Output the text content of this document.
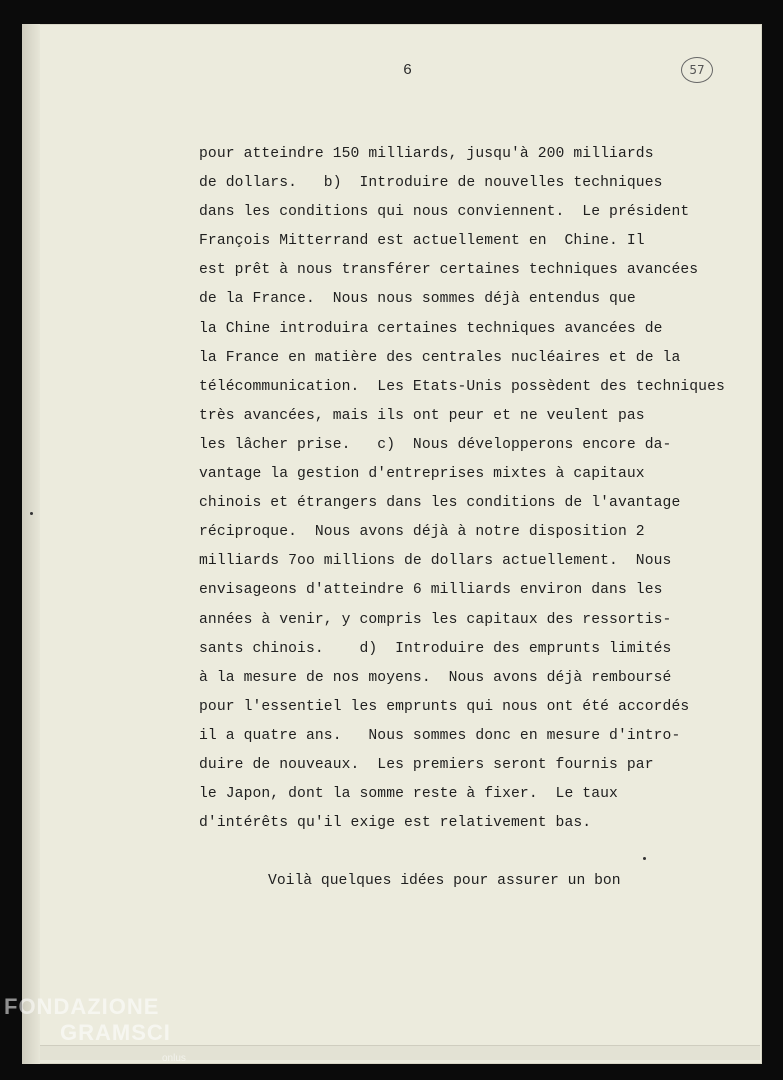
6	57
pour atteindre 150 milliards, jusqu'à 200 milliards
de dollars.   b)  Introduire de nouvelles techniques
dans les conditions qui nous conviennent.  Le président
François Mitterrand est actuellement en  Chine. Il
est prêt à nous transférer certaines techniques avancées
de la France.  Nous nous sommes déjà entendus que
la Chine introduira certaines techniques avancées de
la France en matière des centrales nucléaires et de la
télécommunication.  Les Etats-Unis possèdent des techniques
très avancées, mais ils ont peur et ne veulent pas
les lâcher prise.   c)  Nous développerons encore da-
vantage la gestion d'entreprises mixtes à capitaux
chinois et étrangers dans les conditions de l'avantage
réciproque.  Nous avons déjà à notre disposition 2
milliards 7oo millions de dollars actuellement.  Nous
envisageons d'atteindre 6 milliards environ dans les
années à venir, y compris les capitaux des ressortis-
sants chinois.    d)  Introduire des emprunts limités
à la mesure de nos moyens.  Nous avons déjà remboursé
pour l'essentiel les emprunts qui nous ont été accordés
il a quatre ans.   Nous sommes donc en mesure d'intro-
duire de nouveaux.  Les premiers seront fournis par
le Japon, dont la somme reste à fixer.  Le taux
d'intérêts qu'il exige est relativement bas.
Voilà quelques idées pour assurer un bon
FONDAZIONE
GRAMSCI
onlus
